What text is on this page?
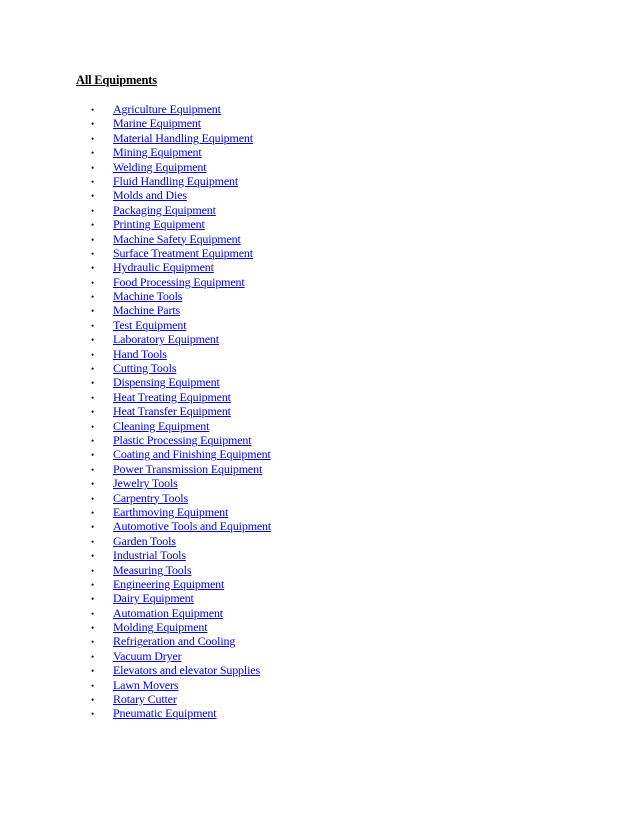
All Equipments
•	Agriculture Equipment
•	Marine Equipment
•	Material Handling Equipment
•	Mining Equipment
•	Welding Equipment
•	Fluid Handling Equipment
•	Molds and Dies
•	Packaging Equipment
•	Printing Equipment
•	Machine Safety Equipment
•	Surface Treatment Equipment
•	Hydraulic Equipment
•	Food Processing Equipment
•	Machine Tools
•	Machine Parts
•	Test Equipment
•	Laboratory Equipment
•	Hand Tools
•	Cutting Tools
•	Dispensing Equipment
•	Heat Treating Equipment
•	Heat Transfer Equipment
•	Cleaning Equipment
•	Plastic Processing Equipment
•	Coating and Finishing Equipment
•	Power Transmission Equipment
•	Jewelry Tools
•	Carpentry Tools
•	Earthmoving Equipment
•	Automotive Tools and Equipment
•	Garden Tools
•	Industrial Tools
•	Measuring Tools
•	Engineering Equipment
•	Dairy Equipment
•	Automation Equipment
•	Molding Equipment
•	Refrigeration and Cooling
•	Vacuum Dryer
•	Elevators and elevator Supplies
•	Lawn Movers
•	Rotary Cutter
•	Pneumatic Equipment
